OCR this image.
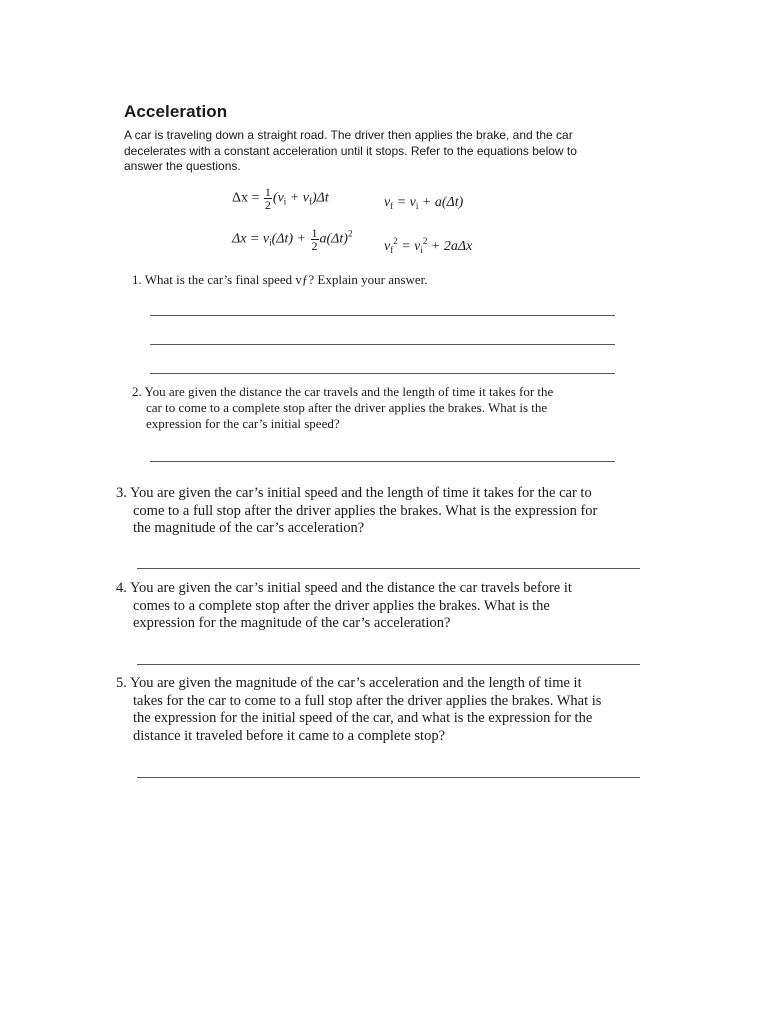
Acceleration
A car is traveling down a straight road. The driver then applies the brake, and the car decelerates with a constant acceleration until it stops. Refer to the equations below to answer the questions.
$\Delta x = \frac{1}{2} (v_i + v_f)\Delta t$	$v_f = v_i + a(\Delta t)$
$\Delta x = v_i(\Delta t) + \frac{1}{2} a(\Delta t)^2$
$v_f^2 = v_i^2 + 2a\Delta x$
1. What is the car’s final speed vƒ? Explain your answer.
2. You are given the distance the car travels and the length of time it takes for the
car to come to a complete stop after the driver applies the brakes. What is the
expression for the car’s initial speed?
3. You are given the car’s initial speed and the length of time it takes for the car to
come to a full stop after the driver applies the brakes. What is the expression for
the magnitude of the car’s acceleration?
4. You are given the car’s initial speed and the distance the car travels before it
comes to a complete stop after the driver applies the brakes. What is the
expression for the magnitude of the car’s acceleration?
5. You are given the magnitude of the car’s acceleration and the length of time it
takes for the car to come to a full stop after the driver applies the brakes. What is
the expression for the initial speed of the car, and what is the expression for the
distance it traveled before it came to a complete stop?
